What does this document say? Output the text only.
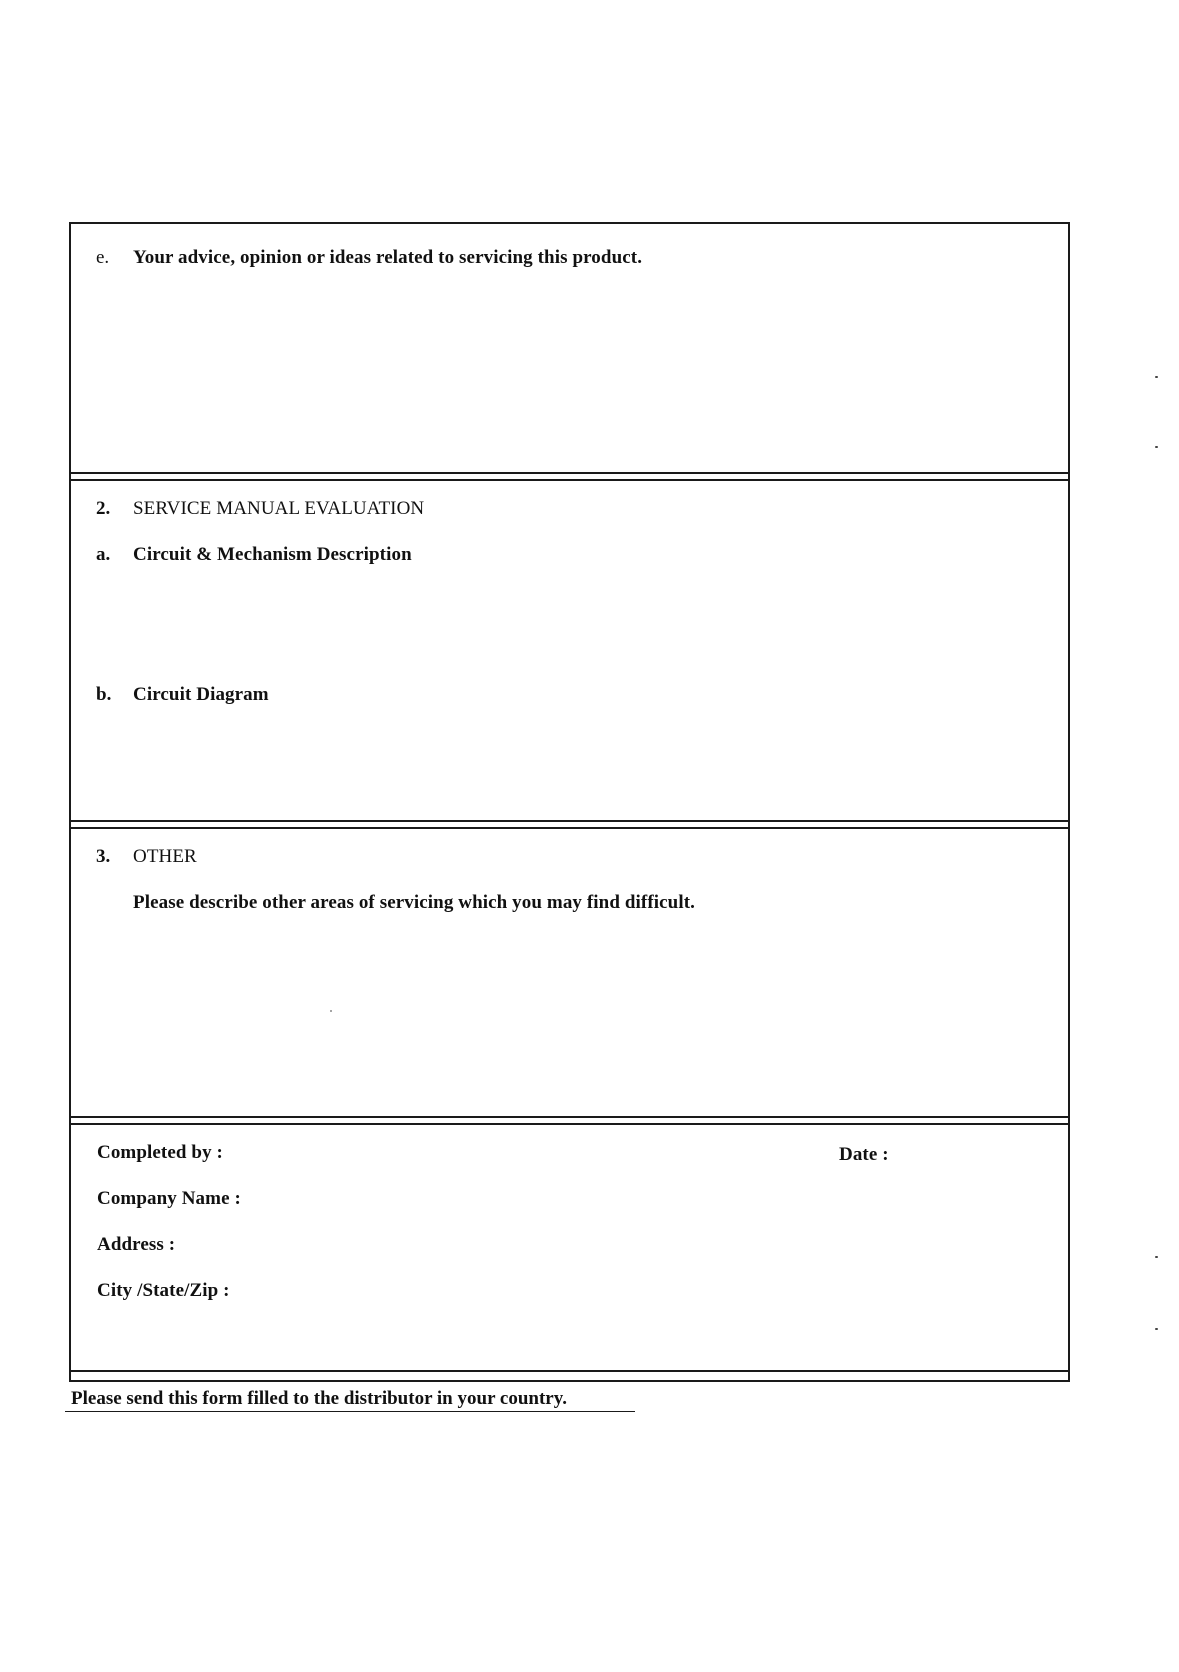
e. Your advice, opinion or ideas related to servicing this product.
2. SERVICE MANUAL EVALUATION
a. Circuit & Mechanism Description
b. Circuit Diagram
3. OTHER
Please describe other areas of servicing which you may find difficult.
Completed by :	Date :
Company Name :
Address :
City /State/Zip :
Please send this form filled to the distributor in your country.
